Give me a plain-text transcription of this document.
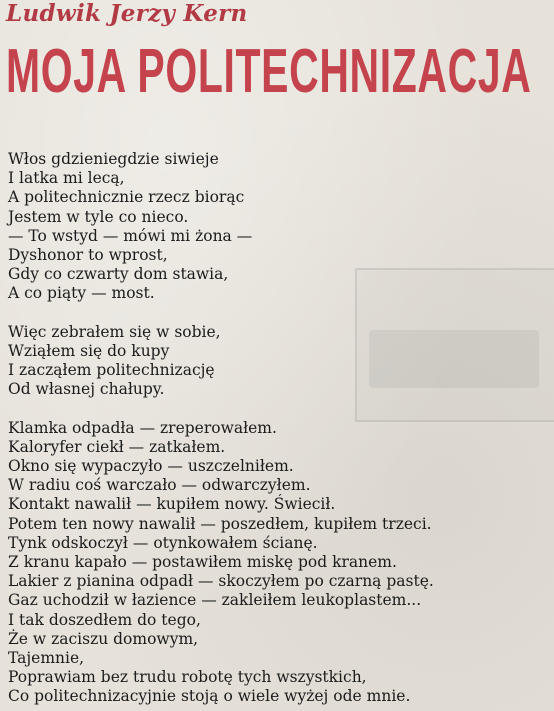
Ludwik Jerzy Kern
MOJA POLITECHNIZACJA
Włos gdzieniegdzie siwieje
I latka mi lecą,
A politechnicznie rzecz biorąc
Jestem w tyle co nieco.
— To wstyd — mówi mi żona —
Dyshonor to wprost,
Gdy co czwarty dom stawia,
A co piąty — most.
Więc zebrałem się w sobie,
Wziąłem się do kupy
I zacząłem politechnizację
Od własnej chałupy.
Klamka odpadła — zreperowałem.
Kaloryfer ciekł — zatkałem.
Okno się wypaczyło — uszczelniłem.
W radiu coś warczało — odwarczyłem.
Kontakt nawalił — kupiłem nowy. Świecił.
Potem ten nowy nawalił — poszedłem, kupiłem trzeci.
Tynk odskoczył — otynkowałem ścianę.
Z kranu kapało — postawiłem miskę pod kranem.
Lakier z pianina odpadł — skoczyłem po czarną pastę.
Gaz uchodził w łazience — zakleiłem leukoplastem...
I tak doszedłem do tego,
Że w zaciszu domowym,
Tajemnie,
Poprawiam bez trudu robotę tych wszystkich,
Co politechnizacyjnie stoją o wiele wyżej ode mnie.
